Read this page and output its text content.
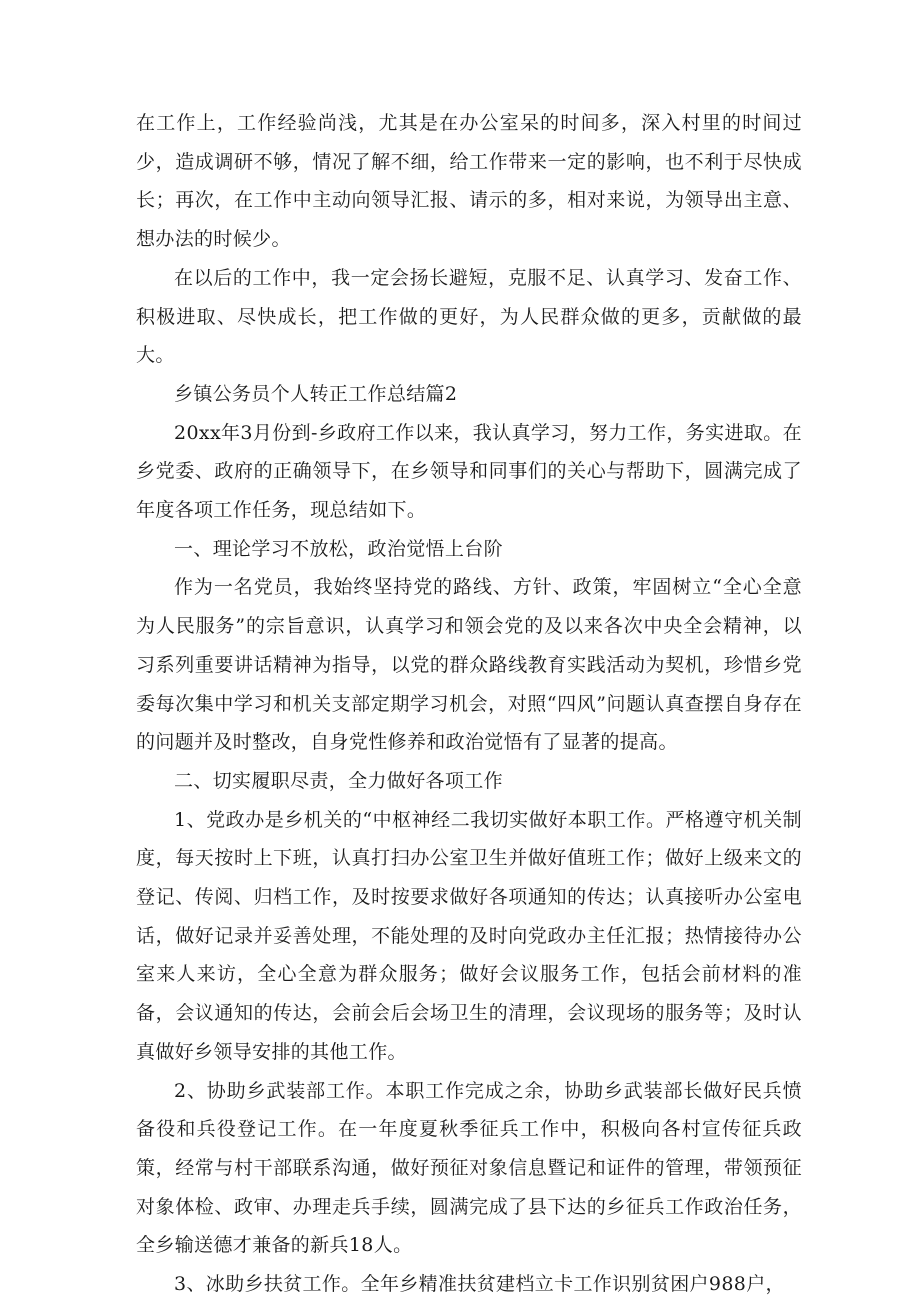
在工作上，工作经验尚浅，尤其是在办公室呆的时间多，深入村里的时间过少，造成调研不够，情况了解不细，给工作带来一定的影响，也不利于尽快成长；再次，在工作中主动向领导汇报、请示的多，相对来说，为领导出主意、想办法的时候少。

在以后的工作中，我一定会扬长避短，克服不足、认真学习、发奋工作、积极进取、尽快成长，把工作做的更好，为人民群众做的更多，贡献做的最大。

乡镇公务员个人转正工作总结篇2

20xx年3月份到-乡政府工作以来，我认真学习，努力工作，务实进取。在乡党委、政府的正确领导下，在乡领导和同事们的关心与帮助下，圆满完成了年度各项工作任务，现总结如下。

一、理论学习不放松，政治觉悟上台阶

作为一名党员，我始终坚持党的路线、方针、政策，牢固树立“全心全意为人民服务”的宗旨意识，认真学习和领会党的及以来各次中央全会精神，以习系列重要讲话精神为指导，以党的群众路线教育实践活动为契机，珍惜乡党委每次集中学习和机关支部定期学习机会，对照“四风”问题认真查摆自身存在的问题并及时整改，自身党性修养和政治觉悟有了显著的提高。

二、切实履职尽责，全力做好各项工作

1、党政办是乡机关的“中枢神经二我切实做好本职工作。严格遵守机关制度，每天按时上下班，认真打扫办公室卫生并做好值班工作；做好上级来文的登记、传阅、归档工作，及时按要求做好各项通知的传达；认真接听办公室电话，做好记录并妥善处理，不能处理的及时向党政办主任汇报；热情接待办公室来人来访，全心全意为群众服务；做好会议服务工作，包括会前材料的准备，会议通知的传达，会前会后会场卫生的清理，会议现场的服务等；及时认真做好乡领导安排的其他工作。

2、协助乡武装部工作。本职工作完成之余，协助乡武装部长做好民兵愤备役和兵役登记工作。在一年度夏秋季征兵工作中，积极向各村宣传征兵政策，经常与村干部联系沟通，做好预征对象信息暨记和证件的管理，带领预征对象体检、政审、办理走兵手续，圆满完成了县下达的乡征兵工作政治任务，全乡输送德才兼备的新兵18人。

3、冰助乡扶贫工作。全年乡精准扶贫建档立卡工作识别贫困户988户，
